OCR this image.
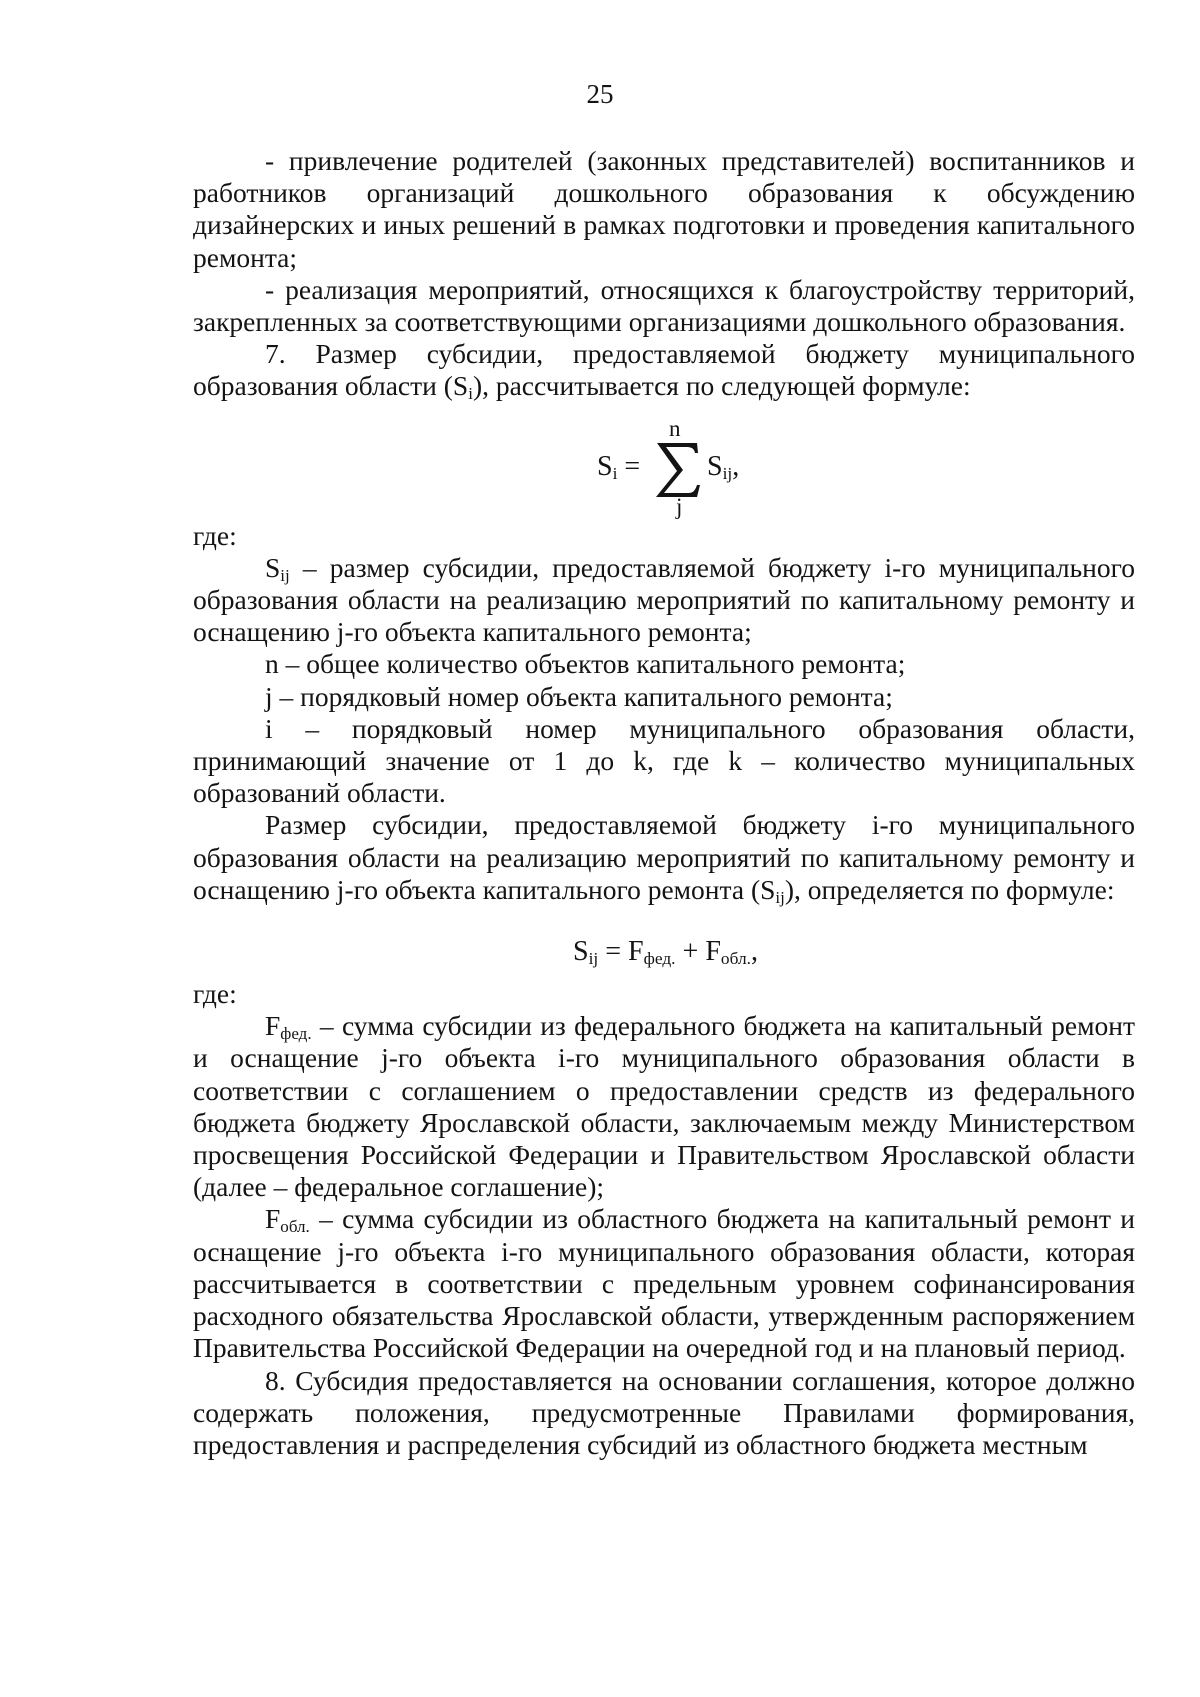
25

- привлечение родителей (законных представителей) воспитанников и работников организаций дошкольного образования к обсуждению дизайнерских и иных решений в рамках подготовки и проведения капитального ремонта;

- реализация мероприятий, относящихся к благоустройству территорий, закрепленных за соответствующими организациями дошкольного образования.

7. Размер субсидии, предоставляемой бюджету муниципального образования области $(S_i)$, рассчитывается по следующей формуле:

$S_i$ =
n
j
$S_{ij}$,

где:

$S_{ij}$ – размер субсидии, предоставляемой бюджету i-го муниципального образования области на реализацию мероприятий по капитальному ремонту и оснащению j-го объекта капитального ремонта;

n – общее количество объектов капитального ремонта;

j – порядковый номер объекта капитального ремонта;

i – порядковый номер муниципального образования области, принимающий значение от 1 до k, где k – количество муниципальных образований области.

Размер субсидии, предоставляемой бюджету i-го муниципального образования области на реализацию мероприятий по капитальному ремонту и оснащению j-го объекта капитального ремонта $(S_{ij})$, определяется по формуле:

$S_{ij} = F_{фед.} + F_{обл.}$,

где:

$F_{фед.}$ – сумма субсидии из федерального бюджета на капитальный ремонт и оснащение j-го объекта i-го муниципального образования области в соответствии с соглашением о предоставлении средств из федерального бюджета бюджету Ярославской области, заключаемым между Министерством просвещения Российской Федерации и Правительством Ярославской области (далее – федеральное соглашение);

$F_{обл.}$ – сумма субсидии из областного бюджета на капитальный ремонт и оснащение j-го объекта i-го муниципального образования области, которая рассчитывается в соответствии с предельным уровнем софинансирования расходного обязательства Ярославской области, утвержденным распоряжением Правительства Российской Федерации на очередной год и на плановый период.

8. Субсидия предоставляется на основании соглашения, которое должно содержать положения, предусмотренные Правилами формирования, предоставления и распределения субсидий из областного бюджета местным
